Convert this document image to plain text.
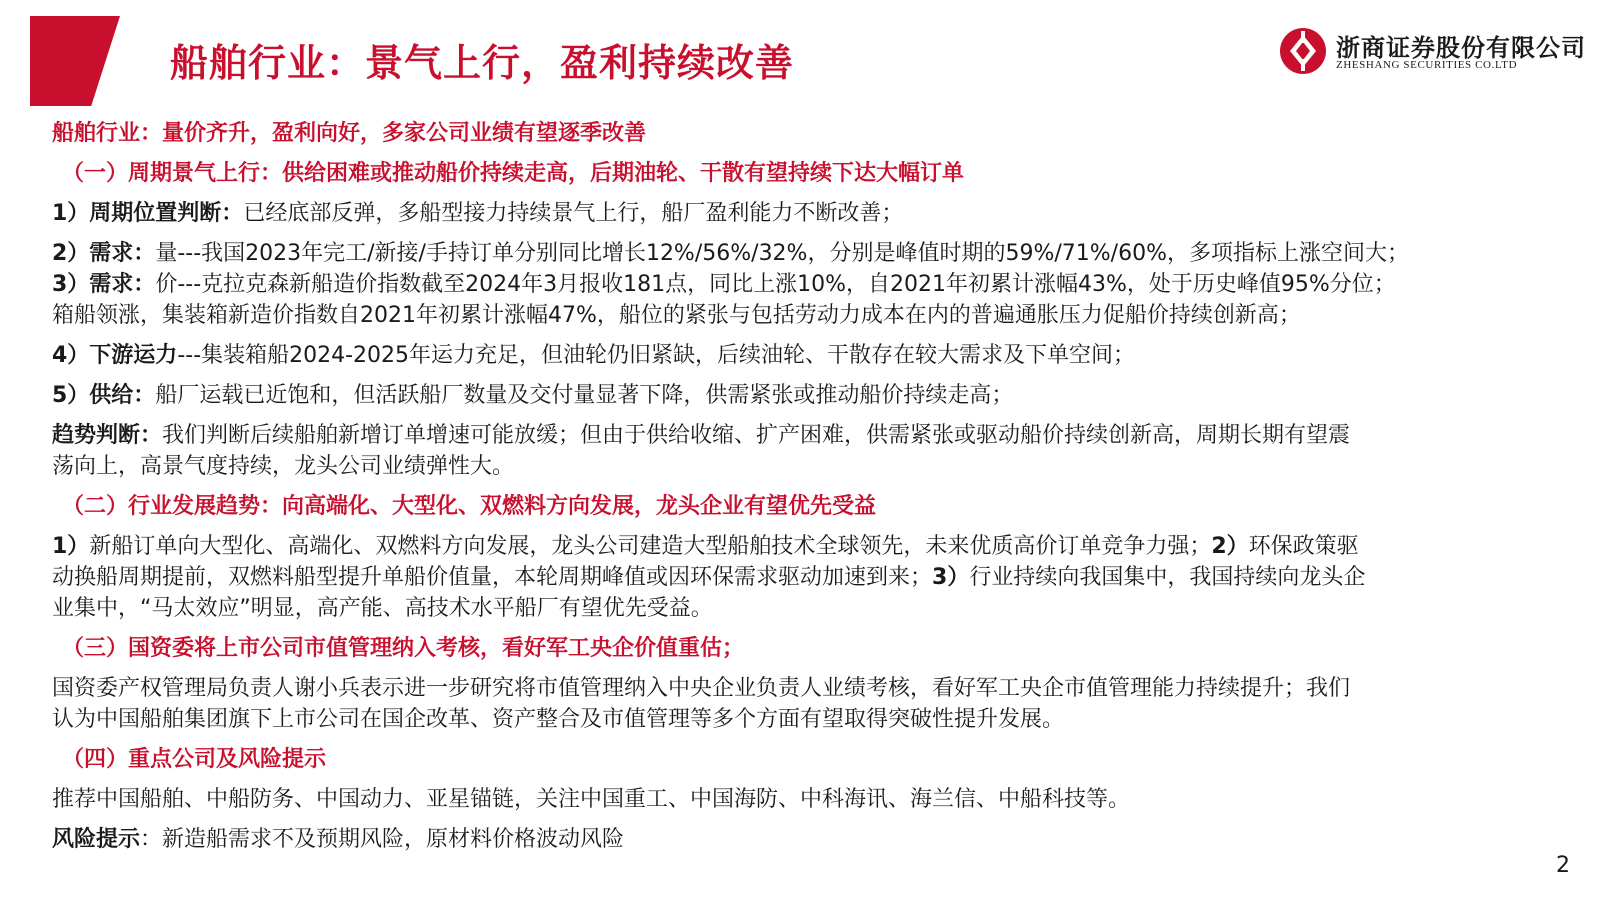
船舶行业：景气上行，盈利持续改善	浙商证券股份有限公司
ZHESHANG SECURITIES CO.LTD

船舶行业：量价齐升，盈利向好，多家公司业绩有望逐季改善

（一）周期景气上行：供给困难或推动船价持续走高，后期油轮、干散有望持续下达大幅订单

1）周期位置判断：已经底部反弹，多船型接力持续景气上行，船厂盈利能力不断改善；

2）需求：量---我国2023年完工/新接/手持订单分别同比增长12%/56%/32%，分别是峰值时期的59%/71%/60%，多项指标上涨空间大；

3）需求：价---克拉克森新船造价指数截至2024年3月报收181点，同比上涨10%，自2021年初累计涨幅43%，处于历史峰值95%分位；

箱船领涨，集装箱新造价指数自2021年初累计涨幅47%，船位的紧张与包括劳动力成本在内的普遍通胀压力促船价持续创新高；

4）下游运力---集装箱船2024-2025年运力充足，但油轮仍旧紧缺，后续油轮、干散存在较大需求及下单空间；

5）供给：船厂运载已近饱和，但活跃船厂数量及交付量显著下降，供需紧张或推动船价持续走高；

趋势判断：我们判断后续船舶新增订单增速可能放缓；但由于供给收缩、扩产困难，供需紧张或驱动船价持续创新高，周期长期有望震

荡向上，高景气度持续，龙头公司业绩弹性大。

（二）行业发展趋势：向高端化、大型化、双燃料方向发展，龙头企业有望优先受益

1）新船订单向大型化、高端化、双燃料方向发展，龙头公司建造大型船舶技术全球领先，未来优质高价订单竞争力强；2）环保政策驱

动换船周期提前，双燃料船型提升单船价值量，本轮周期峰值或因环保需求驱动加速到来；3）行业持续向我国集中，我国持续向龙头企

业集中，“马太效应”明显，高产能、高技术水平船厂有望优先受益。

（三）国资委将上市公司市值管理纳入考核，看好军工央企价值重估；

国资委产权管理局负责人谢小兵表示进一步研究将市值管理纳入中央企业负责人业绩考核，看好军工央企市值管理能力持续提升；我们

认为中国船舶集团旗下上市公司在国企改革、资产整合及市值管理等多个方面有望取得突破性提升发展。

（四）重点公司及风险提示

推荐中国船舶、中船防务、中国动力、亚星锚链，关注中国重工、中国海防、中科海讯、海兰信、中船科技等。

风险提示：新造船需求不及预期风险，原材料价格波动风险

2
